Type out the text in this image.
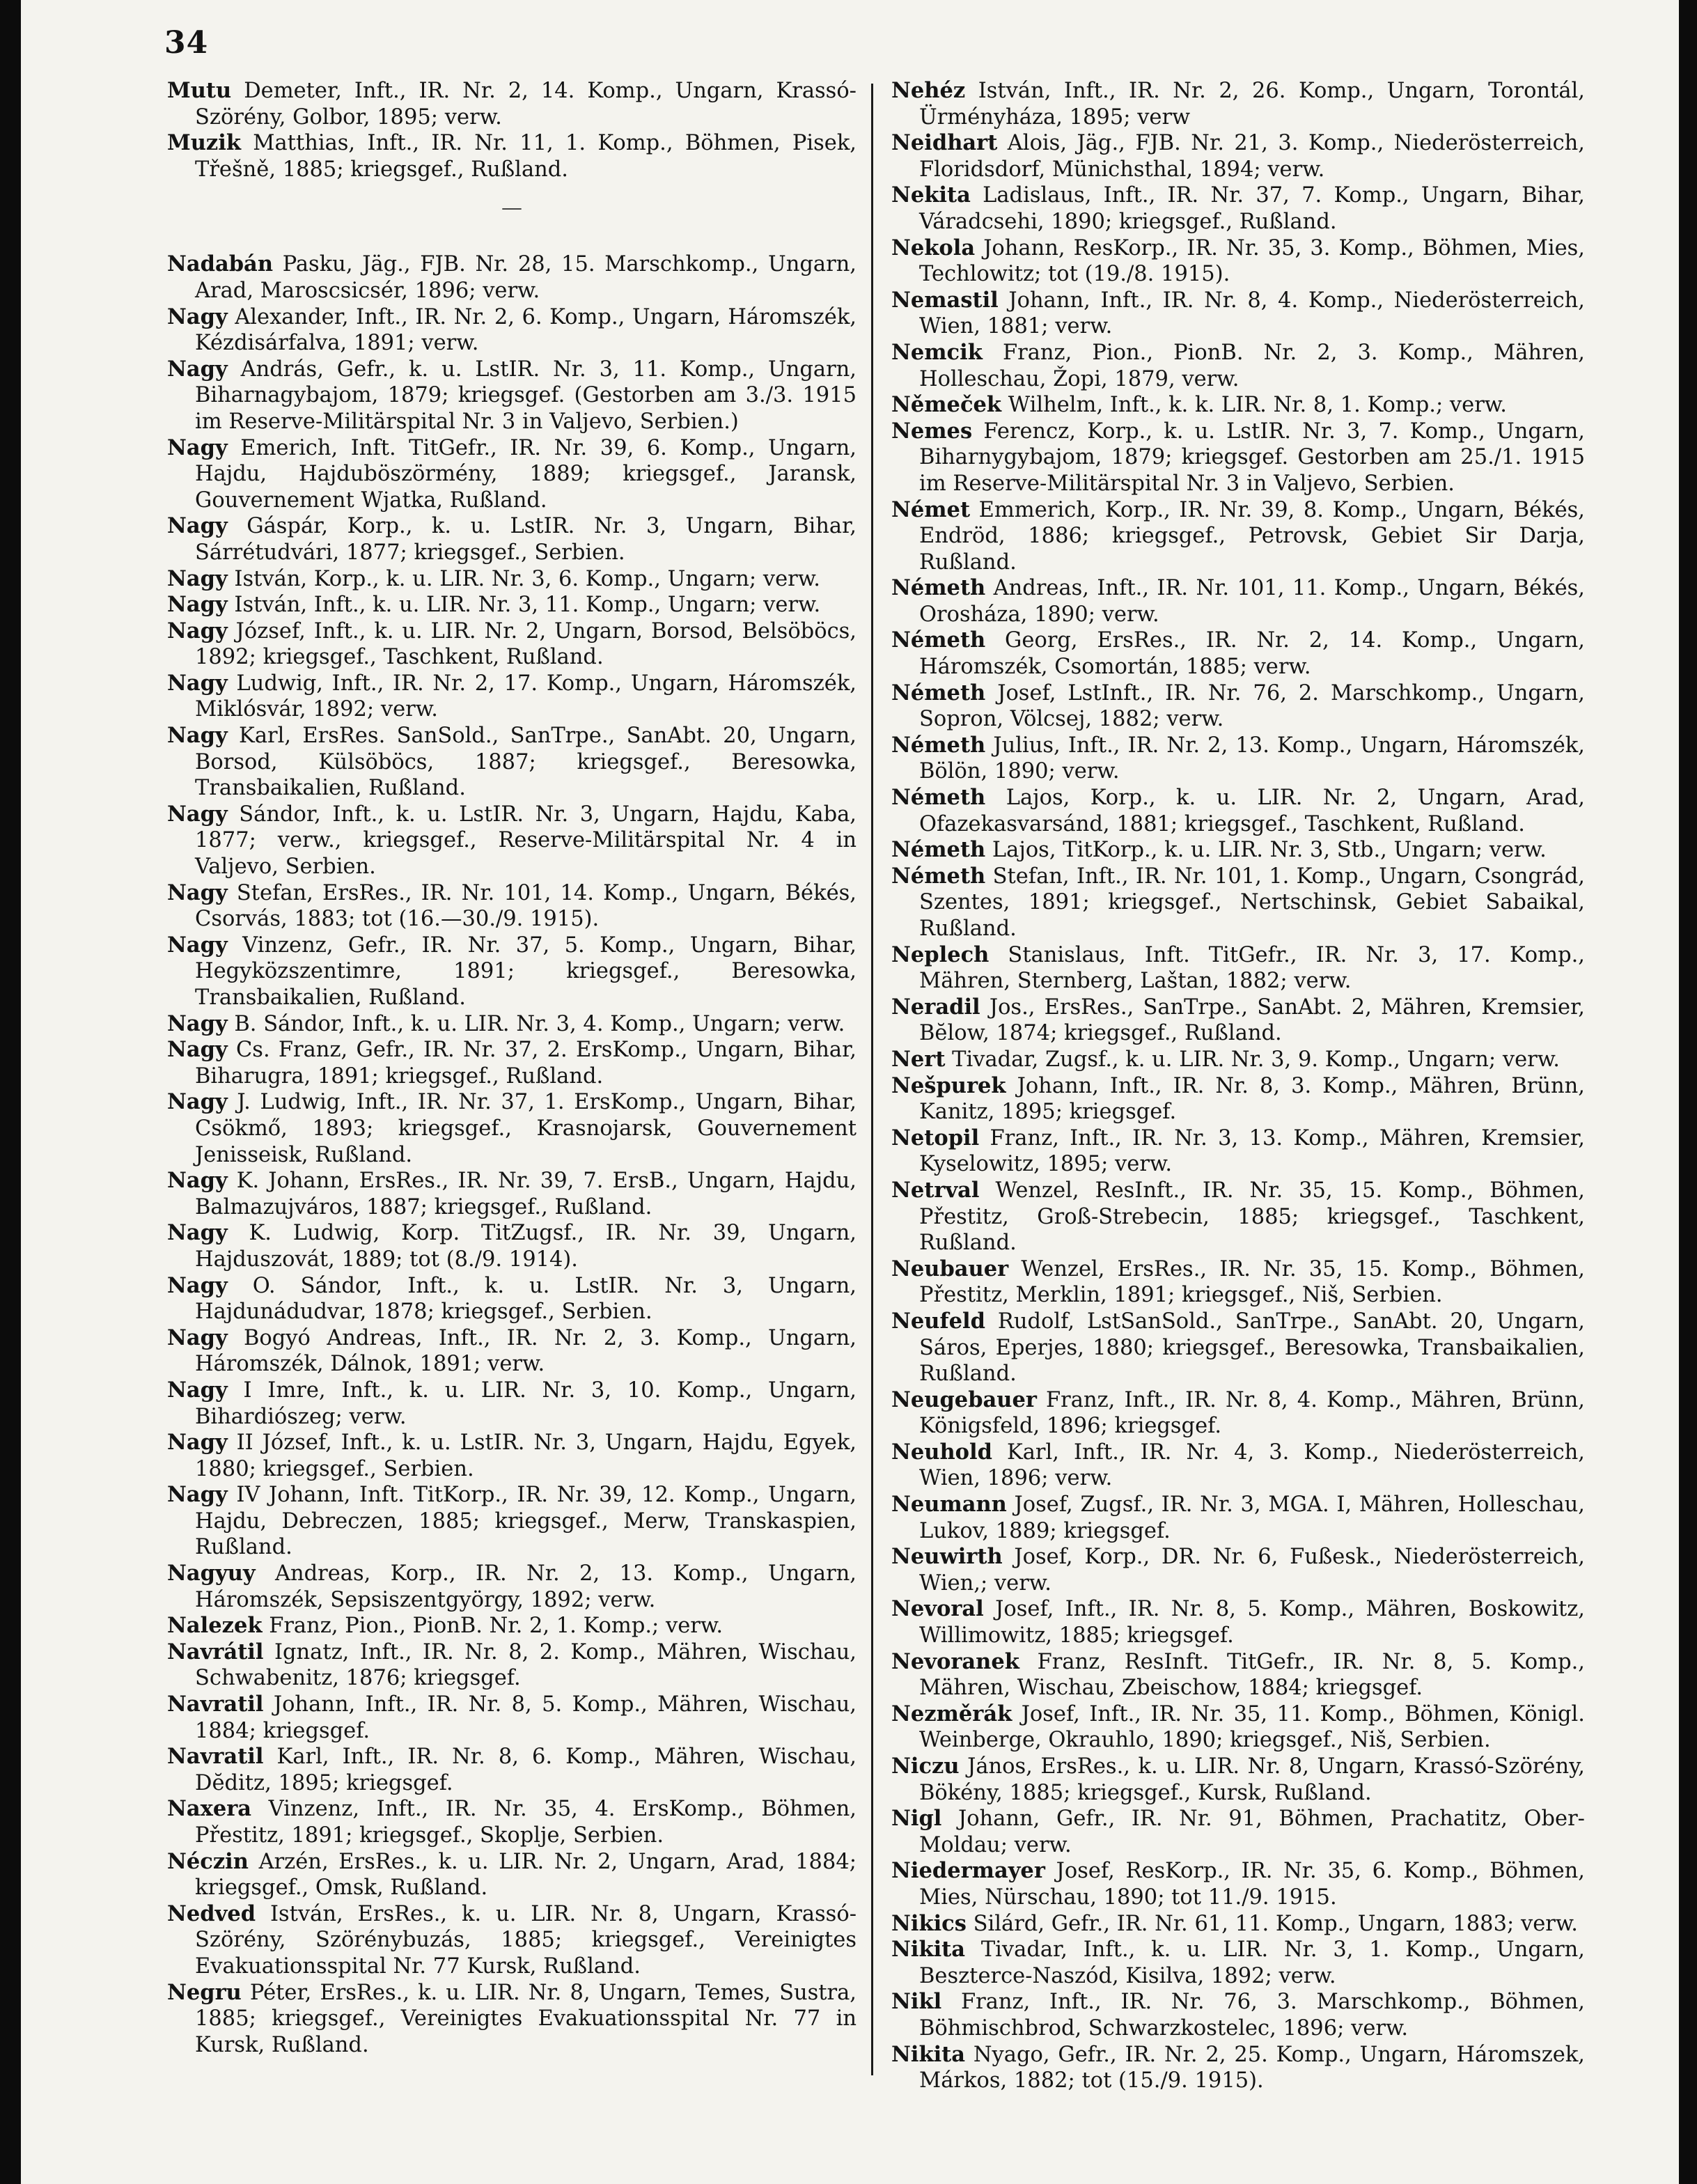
34
Mutu Demeter, Inft., IR. Nr. 2, 14. Komp., Ungarn, Krassó-Szörény, Golbor, 1895; verw.
Muzik Matthias, Inft., IR. Nr. 11, 1. Komp., Böhmen, Pisek, Třešně, 1885; kriegsgef., Rußland.
—
Nadabán Pasku, Jäg., FJB. Nr. 28, 15. Marschkomp., Ungarn, Arad, Maroscsicsér, 1896; verw.
Nagy Alexander, Inft., IR. Nr. 2, 6. Komp., Ungarn, Háromszék, Kézdisárfalva, 1891; verw.
Nagy András, Gefr., k. u. LstIR. Nr. 3, 11. Komp., Ungarn, Biharnagybajom, 1879; kriegsgef. (Gestorben am 3./3. 1915 im Reserve-Militärspital Nr. 3 in Valjevo, Serbien.)
Nagy Emerich, Inft. TitGefr., IR. Nr. 39, 6. Komp., Ungarn, Hajdu, Hajduböszörmény, 1889; kriegsgef., Jaransk, Gouvernement Wjatka, Rußland.
Nagy Gáspár, Korp., k. u. LstIR. Nr. 3, Ungarn, Bihar, Sárrétudvári, 1877; kriegsgef., Serbien.
Nagy István, Korp., k. u. LIR. Nr. 3, 6. Komp., Ungarn; verw.
Nagy István, Inft., k. u. LIR. Nr. 3, 11. Komp., Ungarn; verw.
Nagy József, Inft., k. u. LIR. Nr. 2, Ungarn, Borsod, Belsöböcs, 1892; kriegsgef., Taschkent, Rußland.
Nagy Ludwig, Inft., IR. Nr. 2, 17. Komp., Ungarn, Háromszék, Miklósvár, 1892; verw.
Nagy Karl, ErsRes. SanSold., SanTrpe., SanAbt. 20, Ungarn, Borsod, Külsöböcs, 1887; kriegsgef., Beresowka, Transbaikalien, Rußland.
Nagy Sándor, Inft., k. u. LstIR. Nr. 3, Ungarn, Hajdu, Kaba, 1877; verw., kriegsgef., Reserve-Militärspital Nr. 4 in Valjevo, Serbien.
Nagy Stefan, ErsRes., IR. Nr. 101, 14. Komp., Ungarn, Békés, Csorvás, 1883; tot (16.—30./9. 1915).
Nagy Vinzenz, Gefr., IR. Nr. 37, 5. Komp., Ungarn, Bihar, Hegyközszentimre, 1891; kriegsgef., Beresowka, Transbaikalien, Rußland.
Nagy B. Sándor, Inft., k. u. LIR. Nr. 3, 4. Komp., Ungarn; verw.
Nagy Cs. Franz, Gefr., IR. Nr. 37, 2. ErsKomp., Ungarn, Bihar, Biharugra, 1891; kriegsgef., Rußland.
Nagy J. Ludwig, Inft., IR. Nr. 37, 1. ErsKomp., Ungarn, Bihar, Csökmő, 1893; kriegsgef., Krasnojarsk, Gouvernement Jenisseisk, Rußland.
Nagy K. Johann, ErsRes., IR. Nr. 39, 7. ErsB., Ungarn, Hajdu, Balmazujváros, 1887; kriegsgef., Rußland.
Nagy K. Ludwig, Korp. TitZugsf., IR. Nr. 39, Ungarn, Hajduszovát, 1889; tot (8./9. 1914).
Nagy O. Sándor, Inft., k. u. LstIR. Nr. 3, Ungarn, Hajdunádudvar, 1878; kriegsgef., Serbien.
Nagy Bogyó Andreas, Inft., IR. Nr. 2, 3. Komp., Ungarn, Háromszék, Dálnok, 1891; verw.
Nagy I Imre, Inft., k. u. LIR. Nr. 3, 10. Komp., Ungarn, Bihardiószeg; verw.
Nagy II József, Inft., k. u. LstIR. Nr. 3, Ungarn, Hajdu, Egyek, 1880; kriegsgef., Serbien.
Nagy IV Johann, Inft. TitKorp., IR. Nr. 39, 12. Komp., Ungarn, Hajdu, Debreczen, 1885; kriegsgef., Merw, Transkaspien, Rußland.
Nagyuy Andreas, Korp., IR. Nr. 2, 13. Komp., Ungarn, Háromszék, Sepsiszentgyörgy, 1892; verw.
Nalezek Franz, Pion., PionB. Nr. 2, 1. Komp.; verw.
Navrátil Ignatz, Inft., IR. Nr. 8, 2. Komp., Mähren, Wischau, Schwabenitz, 1876; kriegsgef.
Navratil Johann, Inft., IR. Nr. 8, 5. Komp., Mähren, Wischau, 1884; kriegsgef.
Navratil Karl, Inft., IR. Nr. 8, 6. Komp., Mähren, Wischau, Dĕditz, 1895; kriegsgef.
Naxera Vinzenz, Inft., IR. Nr. 35, 4. ErsKomp., Böhmen, Přestitz, 1891; kriegsgef., Skoplje, Serbien.
Néczin Arzén, ErsRes., k. u. LIR. Nr. 2, Ungarn, Arad, 1884; kriegsgef., Omsk, Rußland.
Nedved István, ErsRes., k. u. LIR. Nr. 8, Ungarn, Krassó-Szörény, Szörénybuzás, 1885; kriegsgef., Vereinigtes Evakuationsspital Nr. 77 Kursk, Rußland.
Negru Péter, ErsRes., k. u. LIR. Nr. 8, Ungarn, Temes, Sustra, 1885; kriegsgef., Vereinigtes Evakuationsspital Nr. 77 in Kursk, Rußland.
Nehéz István, Inft., IR. Nr. 2, 26. Komp., Ungarn, Torontál, Ürményháza, 1895; verw
Neidhart Alois, Jäg., FJB. Nr. 21, 3. Komp., Niederösterreich, Floridsdorf, Münichsthal, 1894; verw.
Nekita Ladislaus, Inft., IR. Nr. 37, 7. Komp., Ungarn, Bihar, Váradcsehi, 1890; kriegsgef., Rußland.
Nekola Johann, ResKorp., IR. Nr. 35, 3. Komp., Böhmen, Mies, Techlowitz; tot (19./8. 1915).
Nemastil Johann, Inft., IR. Nr. 8, 4. Komp., Niederösterreich, Wien, 1881; verw.
Nemcik Franz, Pion., PionB. Nr. 2, 3. Komp., Mähren, Holleschau, Žopi, 1879, verw.
Němeček Wilhelm, Inft., k. k. LIR. Nr. 8, 1. Komp.; verw.
Nemes Ferencz, Korp., k. u. LstIR. Nr. 3, 7. Komp., Ungarn, Biharnygybajom, 1879; kriegsgef. Gestorben am 25./1. 1915 im Reserve-Militärspital Nr. 3 in Valjevo, Serbien.
Német Emmerich, Korp., IR. Nr. 39, 8. Komp., Ungarn, Békés, Endröd, 1886; kriegsgef., Petrovsk, Gebiet Sir Darja, Rußland.
Németh Andreas, Inft., IR. Nr. 101, 11. Komp., Ungarn, Békés, Orosháza, 1890; verw.
Németh Georg, ErsRes., IR. Nr. 2, 14. Komp., Ungarn, Háromszék, Csomortán, 1885; verw.
Németh Josef, LstInft., IR. Nr. 76, 2. Marschkomp., Ungarn, Sopron, Völcsej, 1882; verw.
Németh Julius, Inft., IR. Nr. 2, 13. Komp., Ungarn, Háromszék, Bölön, 1890; verw.
Németh Lajos, Korp., k. u. LIR. Nr. 2, Ungarn, Arad, Ofazekasvarsánd, 1881; kriegsgef., Taschkent, Rußland.
Németh Lajos, TitKorp., k. u. LIR. Nr. 3, Stb., Ungarn; verw.
Németh Stefan, Inft., IR. Nr. 101, 1. Komp., Ungarn, Csongrád, Szentes, 1891; kriegsgef., Nertschinsk, Gebiet Sabaikal, Rußland.
Neplech Stanislaus, Inft. TitGefr., IR. Nr. 3, 17. Komp., Mähren, Sternberg, Laštan, 1882; verw.
Neradil Jos., ErsRes., SanTrpe., SanAbt. 2, Mähren, Kremsier, Bĕlow, 1874; kriegsgef., Rußland.
Nert Tivadar, Zugsf., k. u. LIR. Nr. 3, 9. Komp., Ungarn; verw.
Nešpurek Johann, Inft., IR. Nr. 8, 3. Komp., Mähren, Brünn, Kanitz, 1895; kriegsgef.
Netopil Franz, Inft., IR. Nr. 3, 13. Komp., Mähren, Kremsier, Kyselowitz, 1895; verw.
Netrval Wenzel, ResInft., IR. Nr. 35, 15. Komp., Böhmen, Přestitz, Groß-Strebecin, 1885; kriegsgef., Taschkent, Rußland.
Neubauer Wenzel, ErsRes., IR. Nr. 35, 15. Komp., Böhmen, Přestitz, Merklin, 1891; kriegsgef., Niš, Serbien.
Neufeld Rudolf, LstSanSold., SanTrpe., SanAbt. 20, Ungarn, Sáros, Eperjes, 1880; kriegsgef., Beresowka, Transbaikalien, Rußland.
Neugebauer Franz, Inft., IR. Nr. 8, 4. Komp., Mähren, Brünn, Königsfeld, 1896; kriegsgef.
Neuhold Karl, Inft., IR. Nr. 4, 3. Komp., Niederösterreich, Wien, 1896; verw.
Neumann Josef, Zugsf., IR. Nr. 3, MGA. I, Mähren, Holleschau, Lukov, 1889; kriegsgef.
Neuwirth Josef, Korp., DR. Nr. 6, Fußesk., Niederösterreich, Wien,; verw.
Nevoral Josef, Inft., IR. Nr. 8, 5. Komp., Mähren, Boskowitz, Willimowitz, 1885; kriegsgef.
Nevoranek Franz, ResInft. TitGefr., IR. Nr. 8, 5. Komp., Mähren, Wischau, Zbeischow, 1884; kriegsgef.
Nezměrák Josef, Inft., IR. Nr. 35, 11. Komp., Böhmen, Königl. Weinberge, Okrauhlo, 1890; kriegsgef., Niš, Serbien.
Niczu János, ErsRes., k. u. LIR. Nr. 8, Ungarn, Krassó-Szörény, Bökény, 1885; kriegsgef., Kursk, Rußland.
Nigl Johann, Gefr., IR. Nr. 91, Böhmen, Prachatitz, Ober-Moldau; verw.
Niedermayer Josef, ResKorp., IR. Nr. 35, 6. Komp., Böhmen, Mies, Nürschau, 1890; tot 11./9. 1915.
Nikics Silárd, Gefr., IR. Nr. 61, 11. Komp., Ungarn, 1883; verw.
Nikita Tivadar, Inft., k. u. LIR. Nr. 3, 1. Komp., Ungarn, Beszterce-Naszód, Kisilva, 1892; verw.
Nikl Franz, Inft., IR. Nr. 76, 3. Marschkomp., Böhmen, Böhmischbrod, Schwarzkostelec, 1896; verw.
Nikita Nyago, Gefr., IR. Nr. 2, 25. Komp., Ungarn, Háromszek, Márkos, 1882; tot (15./9. 1915).
